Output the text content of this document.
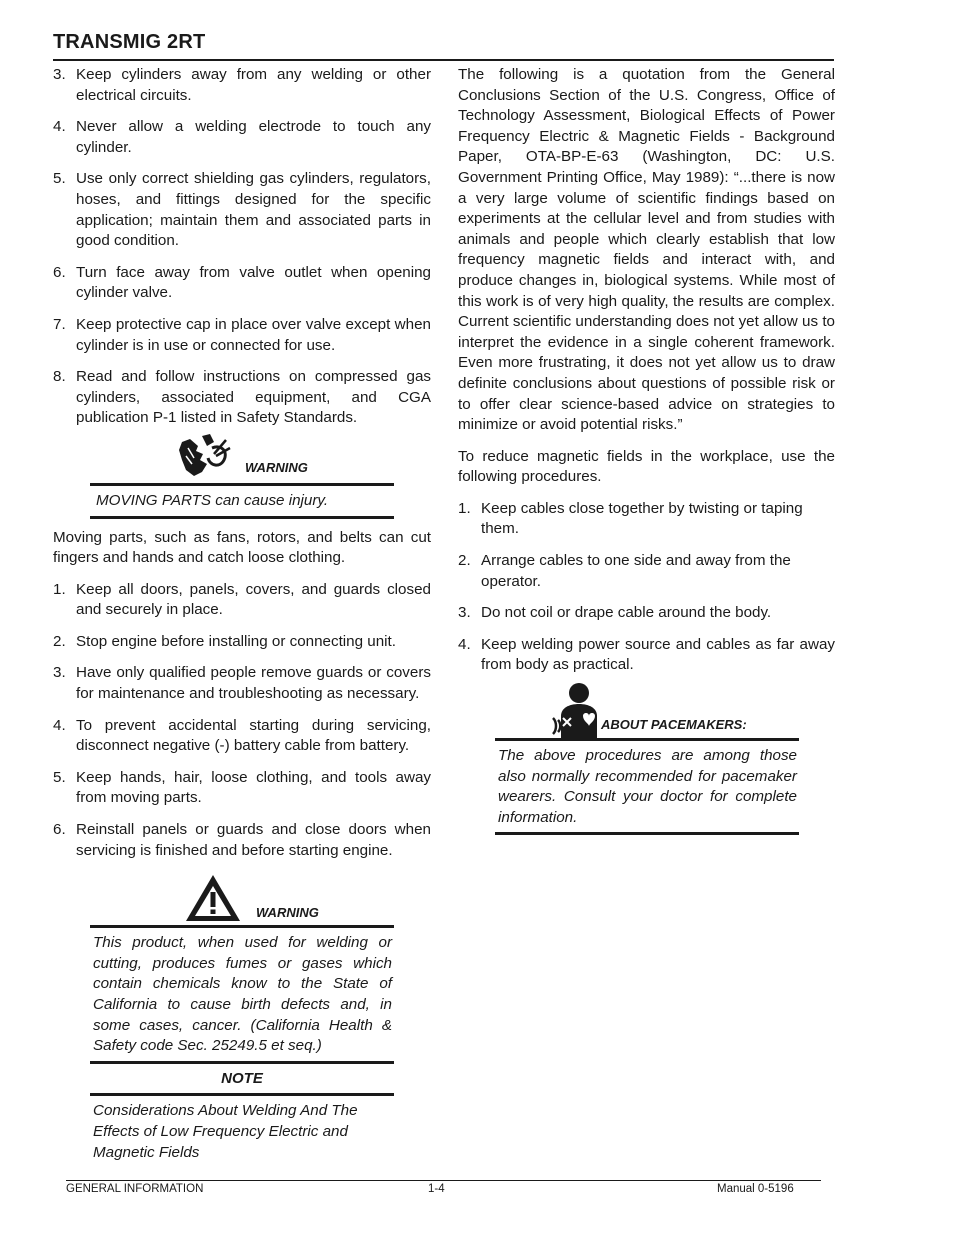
TRANSMIG 2RT
3. Keep cylinders away from any welding or other electrical circuits.
4. Never allow a welding electrode to touch any cylinder.
5. Use only correct shielding gas cylinders, regulators, hoses, and fittings designed for the specific application; maintain them and associated parts in good condition.
6. Turn face away from valve outlet when opening cylinder valve.
7. Keep protective cap in place over valve except when cylinder is in use or connected for use.
8. Read and follow instructions on compressed gas cylinders, associated equipment, and CGA publication P-1 listed in Safety Standards.
WARNING
MOVING PARTS can cause injury.

Moving parts, such as fans, rotors, and belts can cut fingers and hands and catch loose clothing.

1. Keep all doors, panels, covers, and guards closed and securely in place.
2. Stop engine before installing or connecting unit.
3. Have only qualified people remove guards or covers for maintenance and troubleshooting as necessary.
4. To prevent accidental starting during servicing, disconnect negative (-) battery cable from battery.
5. Keep hands, hair, loose clothing, and tools away from moving parts.
6. Reinstall panels or guards and close doors when servicing is finished and before starting engine.
WARNING
This product, when used for welding or cutting, produces fumes or gases which contain chemicals know to the State of California to cause birth defects and, in some cases, cancer. (California Health & Safety code Sec. 25249.5 et seq.)
NOTE
Considerations About Welding And The Effects of Low Frequency Electric and Magnetic Fields

The following is a quotation from the General Conclusions Section of the U.S. Congress, Office of Technology Assessment, Biological Effects of Power Frequency Electric & Magnetic Fields - Background Paper, OTA-BP-E-63 (Washington, DC: U.S. Government Printing Office, May 1989): “...there is now a very large volume of scientific findings based on experiments at the cellular level and from studies with animals and people which clearly establish that low frequency magnetic fields and interact with, and produce changes in, biological systems. While most of this work is of very high quality, the results are complex. Current scientific understanding does not yet allow us to interpret the evidence in a single coherent framework. Even more frustrating, it does not yet allow us to draw definite conclusions about questions of possible risk or to offer clear science-based advice on strategies to minimize or avoid potential risks.”

To reduce magnetic fields in the workplace, use the following procedures.

1. Keep cables close together by twisting or taping them.
2. Arrange cables to one side and away from the operator.
3. Do not coil or drape cable around the body.
4. Keep welding power source and cables as far away from body as practical.
ABOUT PACEMAKERS:
The above procedures are among those also normally recommended for pacemaker wearers. Consult your doctor for complete information.
GENERAL INFORMATION	1-4	Manual 0-5196
